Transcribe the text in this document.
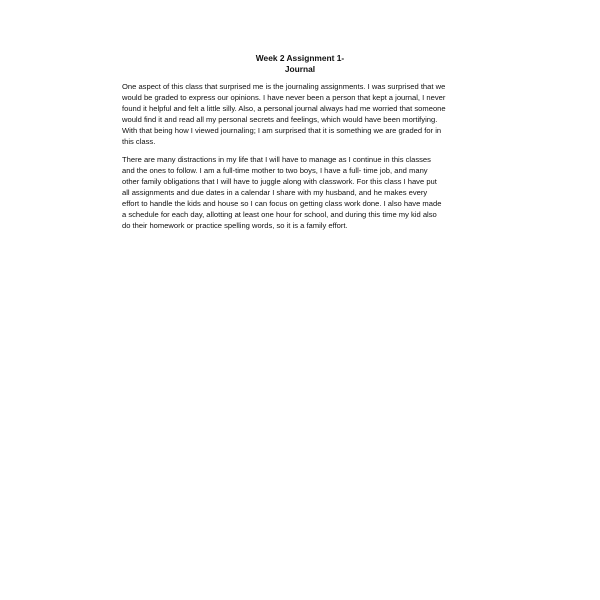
Week 2 Assignment 1-
Journal

One aspect of this class that surprised me is the journaling assignments. I was surprised that we
would be graded to express our opinions. I have never been a person that kept a journal, I never
found it helpful and felt a little silly. Also, a personal journal always had me worried that someone
would find it and read all my personal secrets and feelings, which would have been mortifying.
With that being how I viewed journaling; I am surprised that it is something we are graded for in
this class.

There are many distractions in my life that I will have to manage as I continue in this classes
and the ones to follow. I am a full-time mother to two boys, I have a full- time job, and many
other family obligations that I will have to juggle along with classwork. For this class I have put
all assignments and due dates in a calendar I share with my husband, and he makes every
effort to handle the kids and house so I can focus on getting class work done. I also have made
a schedule for each day, allotting at least one hour for school, and during this time my kid also
do their homework or practice spelling words, so it is a family effort.
